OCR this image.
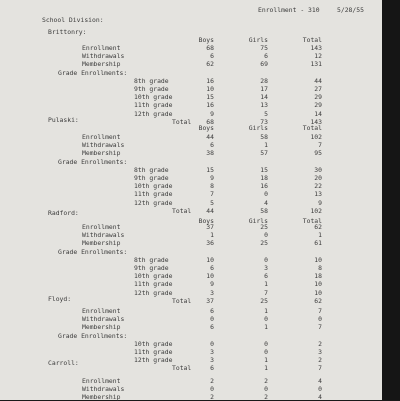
Enrollment - 310	5/28/55
School Division:
Brittonry:
Boys	Girls	Total
Enrollment	68	75	143
Withdrawals	6	6	12
Membership	62	69	131
Grade Enrollments:
8th grade	16	28	44
9th grade	10	17	27
10th grade	15	14	29
11th grade	16	13	29
12th grade	9	5	14
Total	68	73	143
Pulaski:
Boys	Girls	Total
Enrollment	44	58	102
Withdrawals	6	1	7
Membership	38	57	95
Grade Enrollments:
8th grade	15	15	30
9th grade	9	18	20
10th grade	8	16	22
11th grade	7	0	13
12th grade	5	4	9
Total	44	58	102
Radford:
Boys	Girls	Total
Enrollment	37	25	62
Withdrawals	1	0	1
Membership	36	25	61
Grade Enrollments:
8th grade	10	0	10
9th grade	6	3	8
10th grade	10	6	18
11th grade	9	1	10
12th grade	3	7	10
Total	37	25	62
Floyd:
Enrollment	6	1	7
Withdrawals	0	0	0
Membership	6	1	7
Grade Enrollments:
10th grade	0	0	2
11th grade	3	0	3
12th grade	3	1	2
Total	6	1	7
Carroll:
Enrollment	2	2	4
Withdrawals	0	0	0
Membership	2	2	4
